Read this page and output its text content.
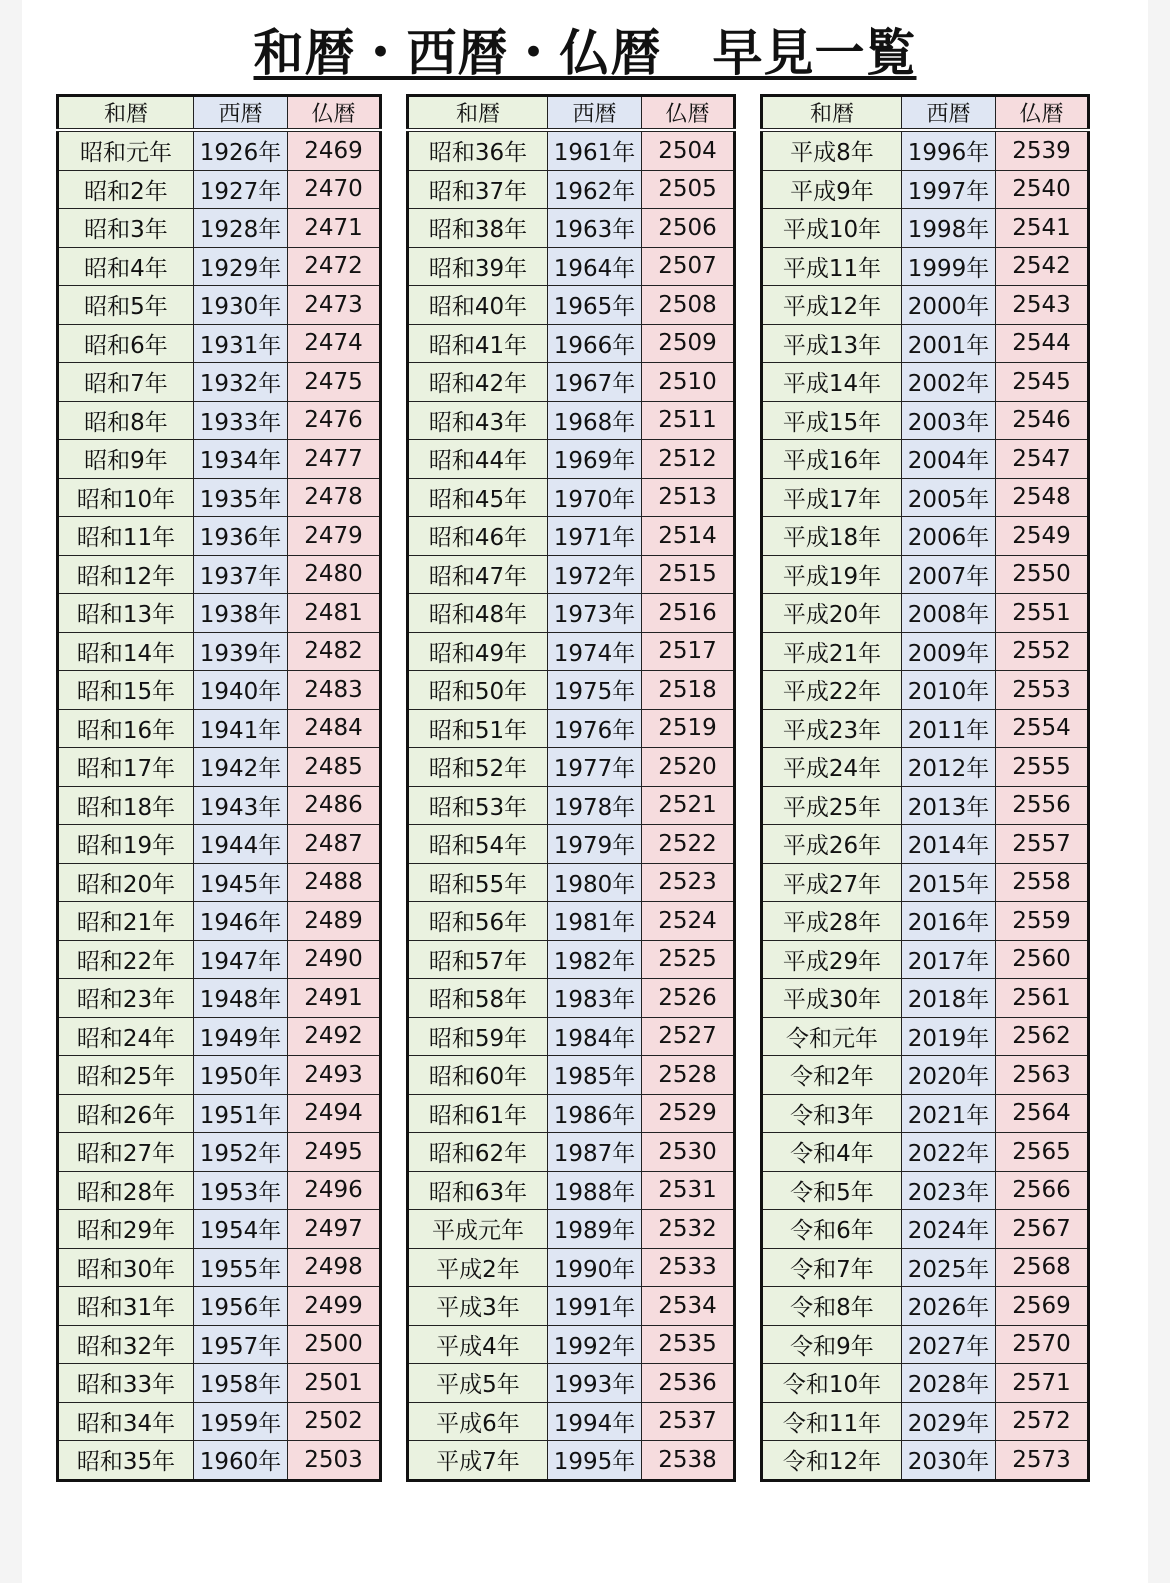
和暦・西暦・仏暦　早見一覧
和暦	西暦	仏暦
昭和元年	1926年	2469
昭和2年	1927年	2470
昭和3年	1928年	2471
昭和4年	1929年	2472
昭和5年	1930年	2473
昭和6年	1931年	2474
昭和7年	1932年	2475
昭和8年	1933年	2476
昭和9年	1934年	2477
昭和10年	1935年	2478
昭和11年	1936年	2479
昭和12年	1937年	2480
昭和13年	1938年	2481
昭和14年	1939年	2482
昭和15年	1940年	2483
昭和16年	1941年	2484
昭和17年	1942年	2485
昭和18年	1943年	2486
昭和19年	1944年	2487
昭和20年	1945年	2488
昭和21年	1946年	2489
昭和22年	1947年	2490
昭和23年	1948年	2491
昭和24年	1949年	2492
昭和25年	1950年	2493
昭和26年	1951年	2494
昭和27年	1952年	2495
昭和28年	1953年	2496
昭和29年	1954年	2497
昭和30年	1955年	2498
昭和31年	1956年	2499
昭和32年	1957年	2500
昭和33年	1958年	2501
昭和34年	1959年	2502
昭和35年	1960年	2503
和暦	西暦	仏暦
昭和36年	1961年	2504
昭和37年	1962年	2505
昭和38年	1963年	2506
昭和39年	1964年	2507
昭和40年	1965年	2508
昭和41年	1966年	2509
昭和42年	1967年	2510
昭和43年	1968年	2511
昭和44年	1969年	2512
昭和45年	1970年	2513
昭和46年	1971年	2514
昭和47年	1972年	2515
昭和48年	1973年	2516
昭和49年	1974年	2517
昭和50年	1975年	2518
昭和51年	1976年	2519
昭和52年	1977年	2520
昭和53年	1978年	2521
昭和54年	1979年	2522
昭和55年	1980年	2523
昭和56年	1981年	2524
昭和57年	1982年	2525
昭和58年	1983年	2526
昭和59年	1984年	2527
昭和60年	1985年	2528
昭和61年	1986年	2529
昭和62年	1987年	2530
昭和63年	1988年	2531
平成元年	1989年	2532
平成2年	1990年	2533
平成3年	1991年	2534
平成4年	1992年	2535
平成5年	1993年	2536
平成6年	1994年	2537
平成7年	1995年	2538
和暦	西暦	仏暦
平成8年	1996年	2539
平成9年	1997年	2540
平成10年	1998年	2541
平成11年	1999年	2542
平成12年	2000年	2543
平成13年	2001年	2544
平成14年	2002年	2545
平成15年	2003年	2546
平成16年	2004年	2547
平成17年	2005年	2548
平成18年	2006年	2549
平成19年	2007年	2550
平成20年	2008年	2551
平成21年	2009年	2552
平成22年	2010年	2553
平成23年	2011年	2554
平成24年	2012年	2555
平成25年	2013年	2556
平成26年	2014年	2557
平成27年	2015年	2558
平成28年	2016年	2559
平成29年	2017年	2560
平成30年	2018年	2561
令和元年	2019年	2562
令和2年	2020年	2563
令和3年	2021年	2564
令和4年	2022年	2565
令和5年	2023年	2566
令和6年	2024年	2567
令和7年	2025年	2568
令和8年	2026年	2569
令和9年	2027年	2570
令和10年	2028年	2571
令和11年	2029年	2572
令和12年	2030年	2573
